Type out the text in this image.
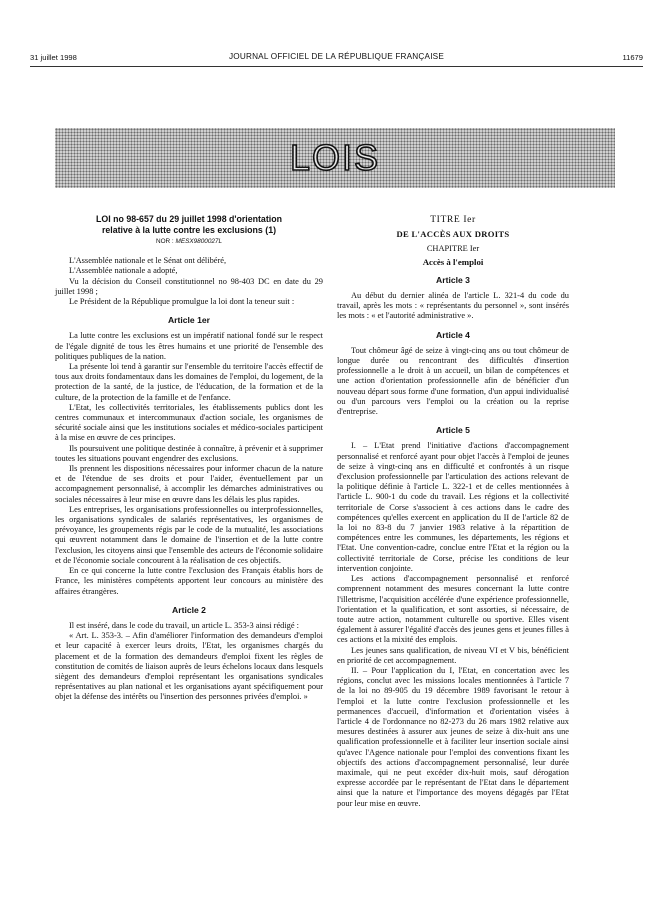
31 juillet 1998	JOURNAL OFFICIEL DE LA RÉPUBLIQUE FRANÇAISE	11679
LOIS
LOI no 98-657 du 29 juillet 1998 d'orientation
relative à la lutte contre les exclusions (1)
NOR : MESX9800027L

L'Assemblée nationale et le Sénat ont délibéré,

L'Assemblée nationale a adopté,

Vu la décision du Conseil constitutionnel no 98-403 DC en date du 29 juillet 1998 ;

Le Président de la République promulgue la loi dont la teneur suit :

Article 1er

La lutte contre les exclusions est un impératif national fondé sur le respect de l'égale dignité de tous les êtres humains et une priorité de l'ensemble des politiques publiques de la nation.

La présente loi tend à garantir sur l'ensemble du territoire l'accès effectif de tous aux droits fondamentaux dans les domaines de l'emploi, du logement, de la protection de la santé, de la justice, de l'éducation, de la formation et de la culture, de la protection de la famille et de l'enfance.

L'Etat, les collectivités territoriales, les établissements publics dont les centres communaux et intercommunaux d'action sociale, les organismes de sécurité sociale ainsi que les institutions sociales et médico-sociales participent à la mise en œuvre de ces principes.

Ils poursuivent une politique destinée à connaître, à prévenir et à supprimer toutes les situations pouvant engendrer des exclusions.

Ils prennent les dispositions nécessaires pour informer chacun de la nature et de l'étendue de ses droits et pour l'aider, éventuellement par un accompagnement personnalisé, à accomplir les démarches administratives ou sociales nécessaires à leur mise en œuvre dans les délais les plus rapides.

Les entreprises, les organisations professionnelles ou interprofessionnelles, les organisations syndicales de salariés représentatives, les organismes de prévoyance, les groupements régis par le code de la mutualité, les associations qui œuvrent notamment dans le domaine de l'insertion et de la lutte contre l'exclusion, les citoyens ainsi que l'ensemble des acteurs de l'économie solidaire et de l'économie sociale concourent à la réalisation de ces objectifs.

En ce qui concerne la lutte contre l'exclusion des Français établis hors de France, les ministères compétents apportent leur concours au ministère des affaires étrangères.

Article 2

Il est inséré, dans le code du travail, un article L. 353-3 ainsi rédigé :

« Art. L. 353-3. – Afin d'améliorer l'information des demandeurs d'emploi et leur capacité à exercer leurs droits, l'Etat, les organismes chargés du placement et de la formation des demandeurs d'emploi fixent les règles de constitution de comités de liaison auprès de leurs échelons locaux dans lesquels siègent des demandeurs d'emploi représentant les organisations syndicales représentatives au plan national et les organisations ayant spécifiquement pour objet la défense des intérêts ou l'insertion des personnes privées d'emploi. »

TITRE Ier
DE L'ACCÈS AUX DROITS
CHAPITRE Ier
Accès à l'emploi
Article 3

Au début du dernier alinéa de l'article L. 321-4 du code du travail, après les mots : « représentants du personnel », sont insérés les mots : « et l'autorité administrative ».

Article 4

Tout chômeur âgé de seize à vingt-cinq ans ou tout chômeur de longue durée ou rencontrant des difficultés d'insertion professionnelle a le droit à un accueil, un bilan de compétences et une action d'orientation professionnelle afin de bénéficier d'un nouveau départ sous forme d'une formation, d'un appui individualisé ou d'un parcours vers l'emploi ou la création ou la reprise d'entreprise.

Article 5

I. – L'Etat prend l'initiative d'actions d'accompagnement personnalisé et renforcé ayant pour objet l'accès à l'emploi de jeunes de seize à vingt-cinq ans en difficulté et confrontés à un risque d'exclusion professionnelle par l'articulation des actions relevant de la politique définie à l'article L. 322-1 et de celles mentionnées à l'article L. 900-1 du code du travail. Les régions et la collectivité territoriale de Corse s'associent à ces actions dans le cadre des compétences qu'elles exercent en application du II de l'article 82 de la loi no 83-8 du 7 janvier 1983 relative à la répartition de compétences entre les communes, les départements, les régions et l'Etat. Une convention-cadre, conclue entre l'Etat et la région ou la collectivité territoriale de Corse, précise les conditions de leur intervention conjointe.

Les actions d'accompagnement personnalisé et renforcé comprennent notamment des mesures concernant la lutte contre l'illettrisme, l'acquisition accélérée d'une expérience professionnelle, l'orientation et la qualification, et sont assorties, si nécessaire, de toute autre action, notamment culturelle ou sportive. Elles visent également à assurer l'égalité d'accès des jeunes gens et jeunes filles à ces actions et la mixité des emplois.

Les jeunes sans qualification, de niveau VI et V bis, bénéficient en priorité de cet accompagnement.

II. – Pour l'application du I, l'Etat, en concertation avec les régions, conclut avec les missions locales mentionnées à l'article 7 de la loi no 89-905 du 19 décembre 1989 favorisant le retour à l'emploi et la lutte contre l'exclusion professionnelle et les permanences d'accueil, d'information et d'orientation visées à l'article 4 de l'ordonnance no 82-273 du 26 mars 1982 relative aux mesures destinées à assurer aux jeunes de seize à dix-huit ans une qualification professionnelle et à faciliter leur insertion sociale ainsi qu'avec l'Agence nationale pour l'emploi des conventions fixant les objectifs des actions d'accompagnement personnalisé, leur durée maximale, qui ne peut excéder dix-huit mois, sauf dérogation expresse accordée par le représentant de l'Etat dans le département ainsi que la nature et l'importance des moyens dégagés par l'Etat pour leur mise en œuvre.
